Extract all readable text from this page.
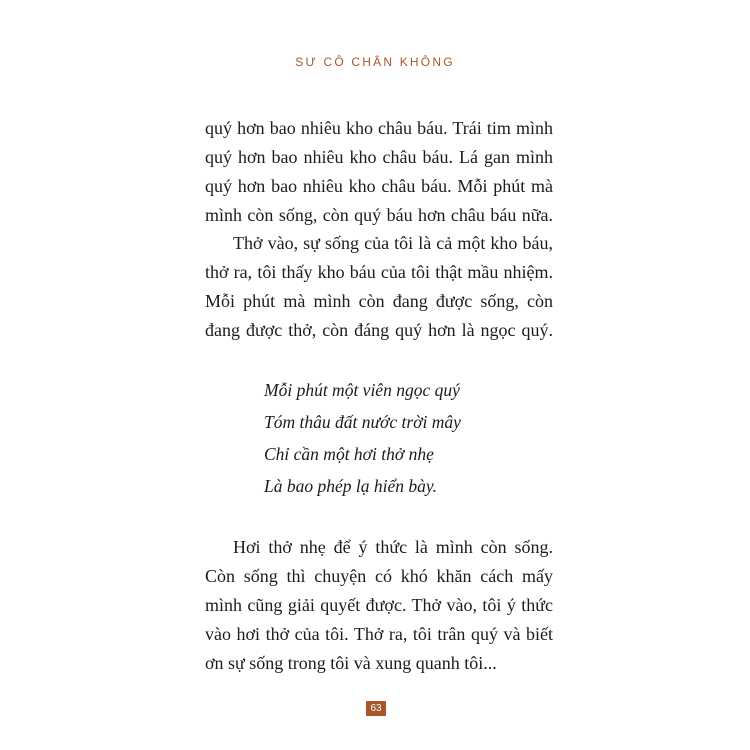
SƯ CÔ CHÂN KHÔNG

quý hơn bao nhiêu kho châu báu. Trái tim mình
quý hơn bao nhiêu kho châu báu. Lá gan mình
quý hơn bao nhiêu kho châu báu. Mỗi phút mà
mình còn sống, còn quý báu hơn châu báu nữa.

Thở vào, sự sống của tôi là cả một kho báu,
thở ra, tôi thấy kho báu của tôi thật mầu nhiệm.
Mỗi phút mà mình còn đang được sống, còn
đang được thở, còn đáng quý hơn là ngọc quý.

Mỗi phút một viên ngọc quý
Tóm thâu đất nước trời mây
Chỉ cần một hơi thở nhẹ
Là bao phép lạ hiển bày.

Hơi thở nhẹ để ý thức là mình còn sống.
Còn sống thì chuyện có khó khăn cách mấy
mình cũng giải quyết được. Thở vào, tôi ý thức
vào hơi thở của tôi. Thở ra, tôi trân quý và biết
ơn sự sống trong tôi và xung quanh tôi...

63
